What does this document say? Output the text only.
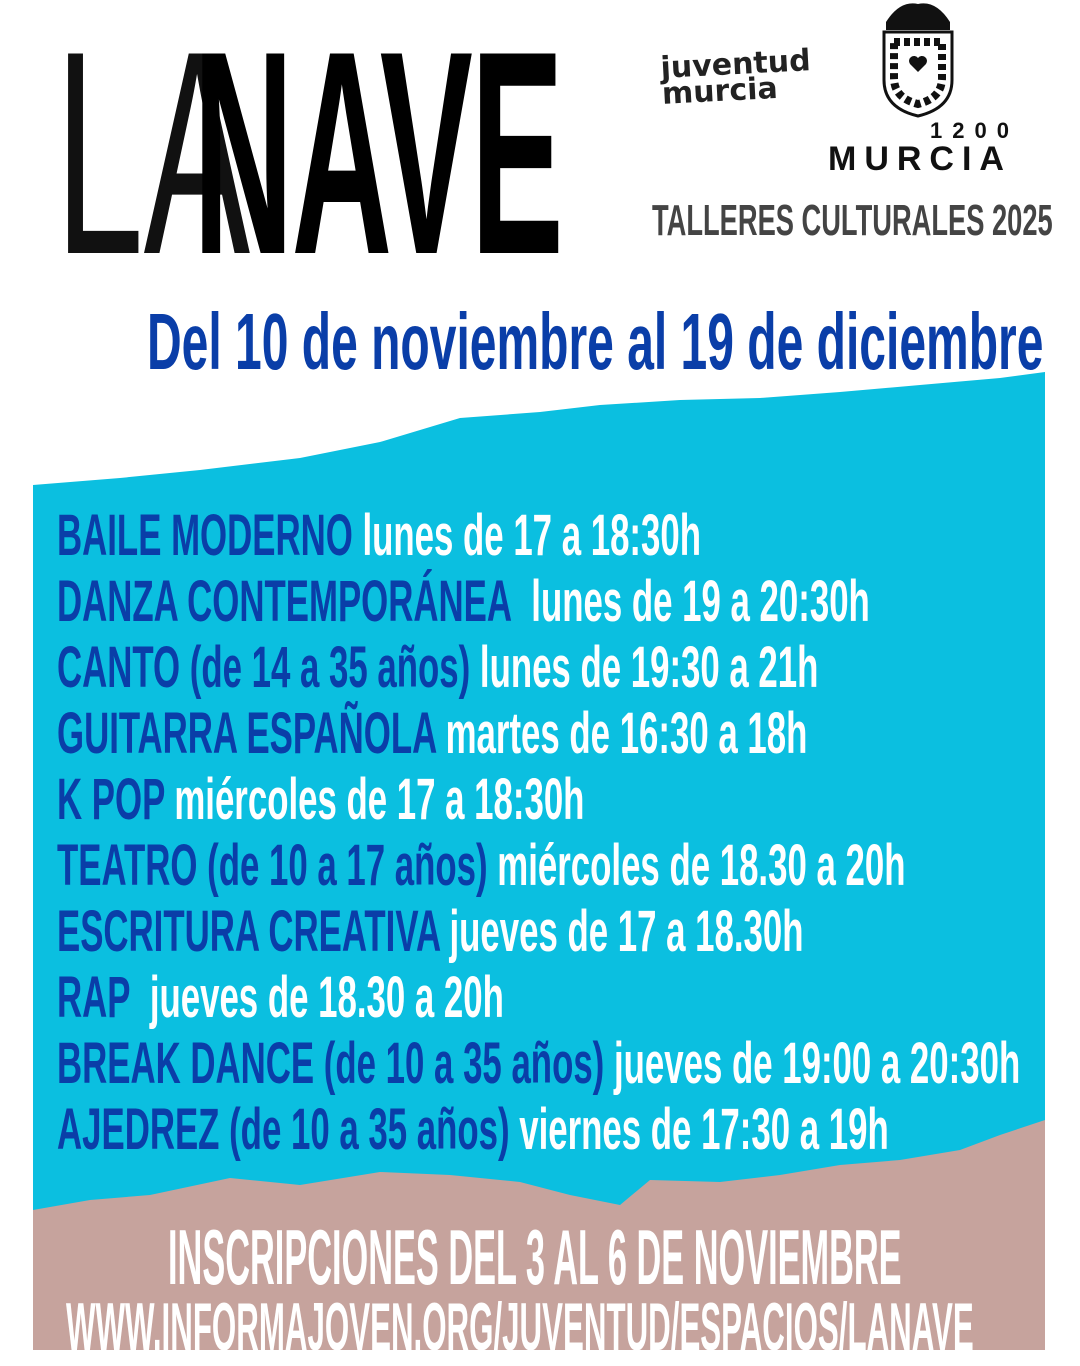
LA
NAVE	juventud murcia
1200
MURCIA
TALLERES CULTURALES 2025
Del 10 de noviembre al 19 de diciembre
BAILE MODERNO lunes de 17 a 18:30h
DANZA CONTEMPORÁNEA lunes de 19 a 20:30h
CANTO (de 14 a 35 años) lunes de 19:30 a 21h
GUITARRA ESPAÑOLA martes de 16:30 a 18h
K POP miércoles de 17 a 18:30h
TEATRO (de 10 a 17 años) miércoles de 18.30 a 20h
ESCRITURA CREATIVA jueves de 17 a 18.30h
RAP jueves de 18.30 a 20h
BREAK DANCE (de 10 a 35 años) jueves de 19:00 a 20:30h
AJEDREZ (de 10 a 35 años) viernes de 17:30 a 19h
INSCRIPCIONES DEL 3 AL 6 DE NOVIEMBRE
WWW.INFORMAJOVEN.ORG/JUVENTUD/ESPACIOS/LANAVE
